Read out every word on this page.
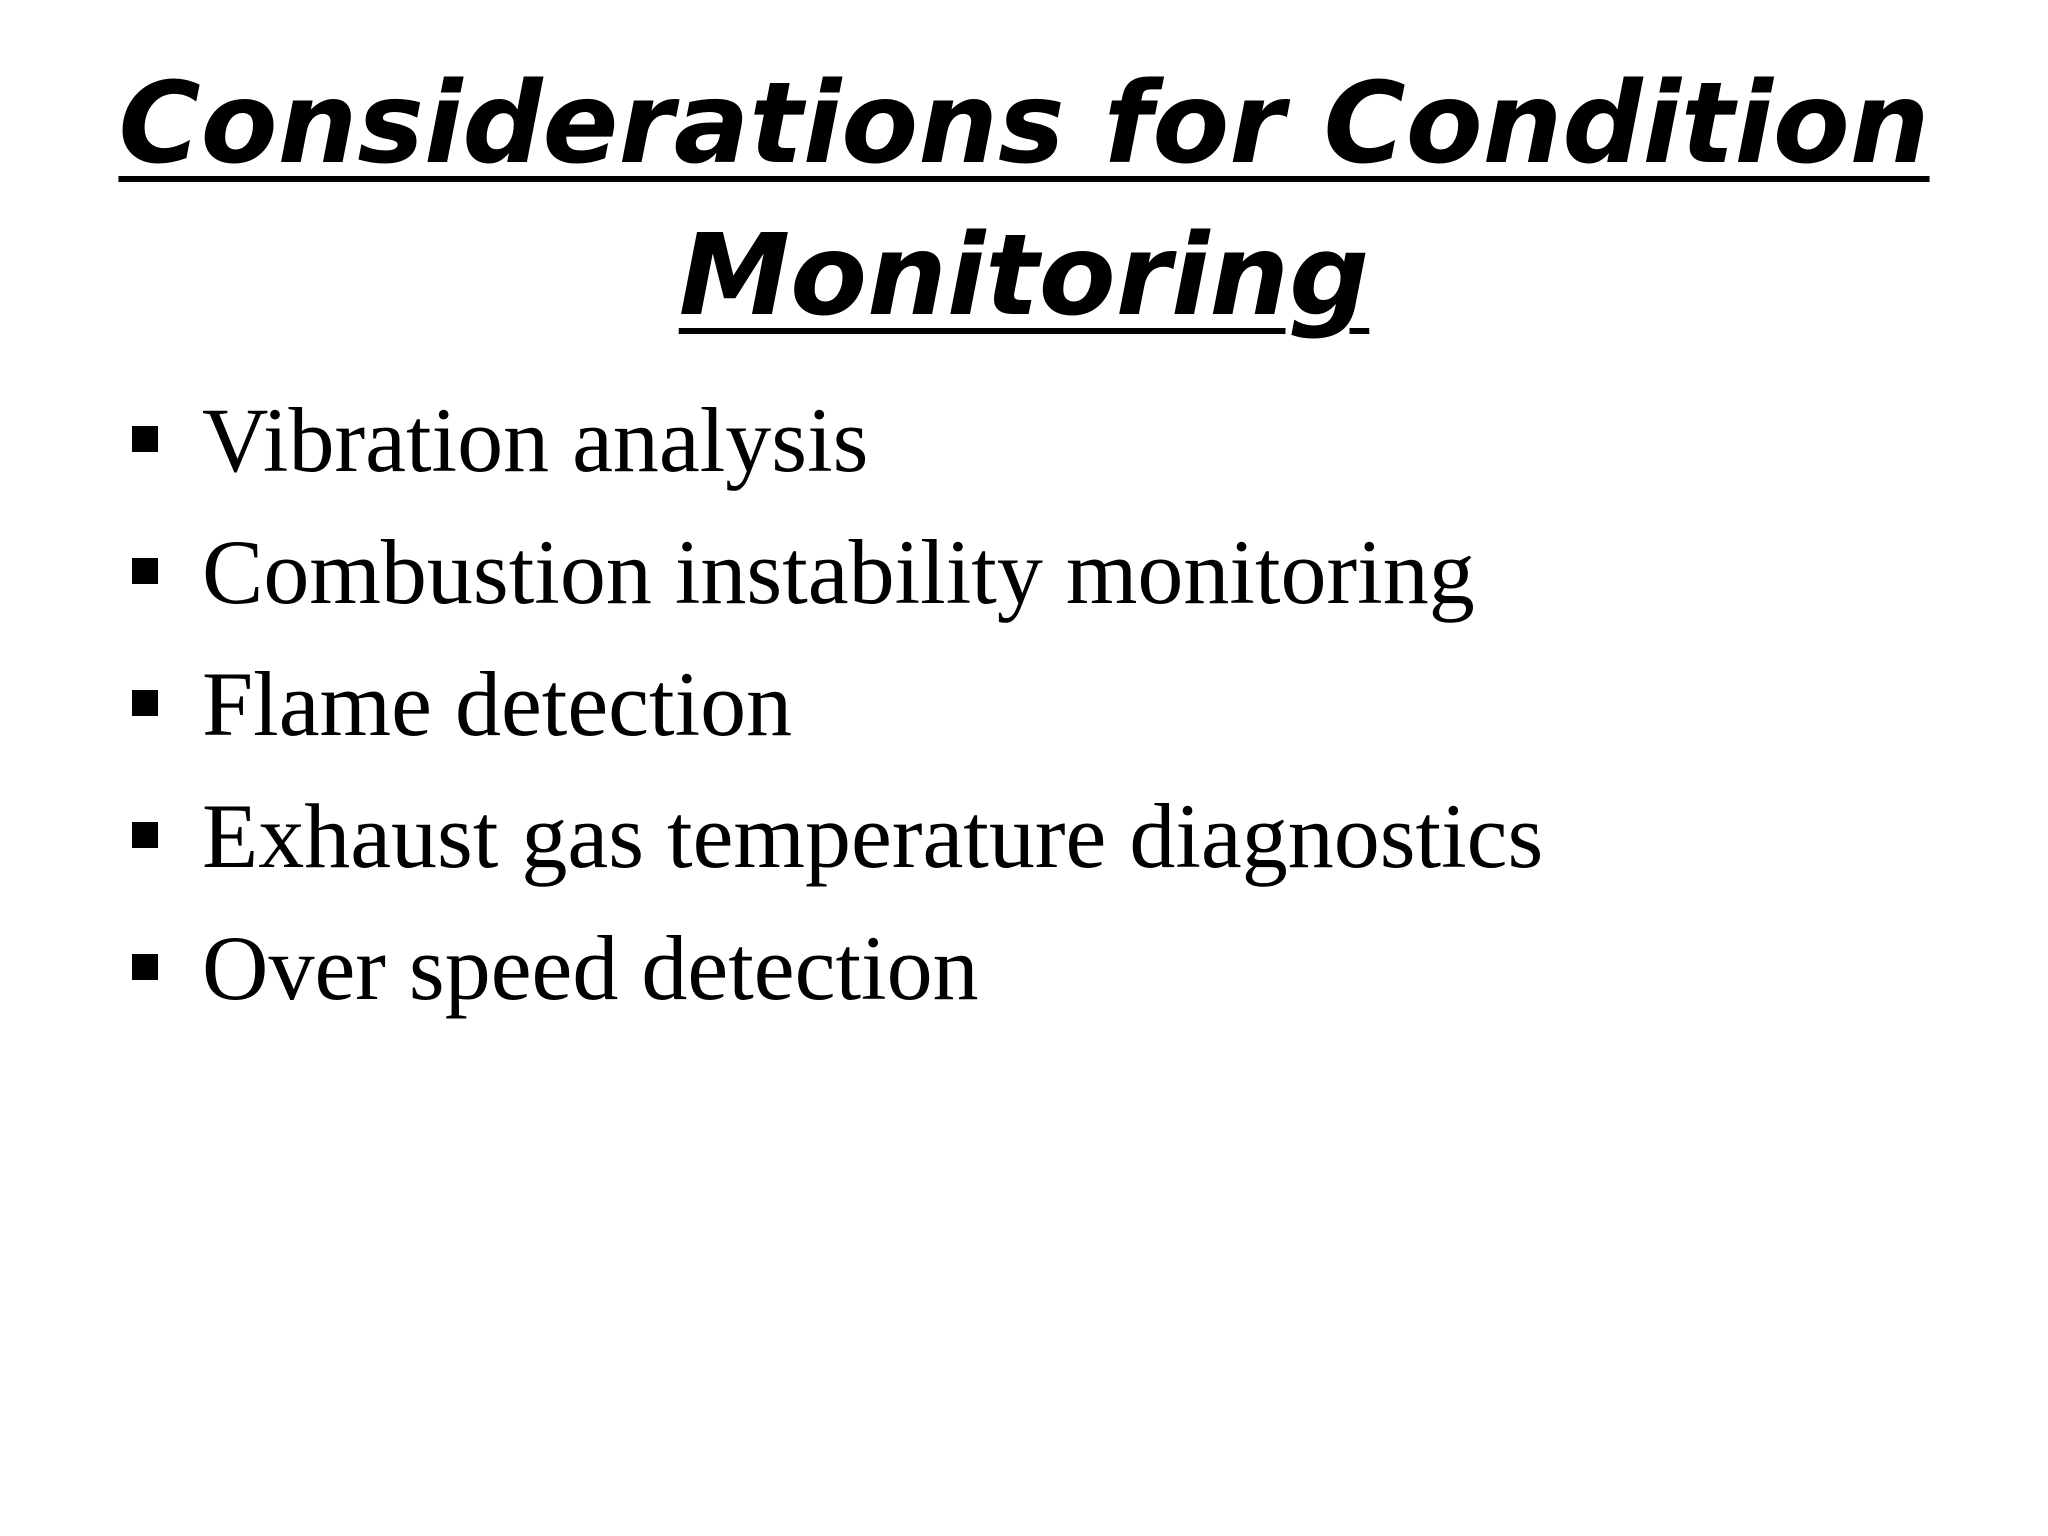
Considerations for Condition
Monitoring
Vibration analysis
Combustion instability monitoring
Flame detection
Exhaust gas temperature diagnostics
Over speed detection
